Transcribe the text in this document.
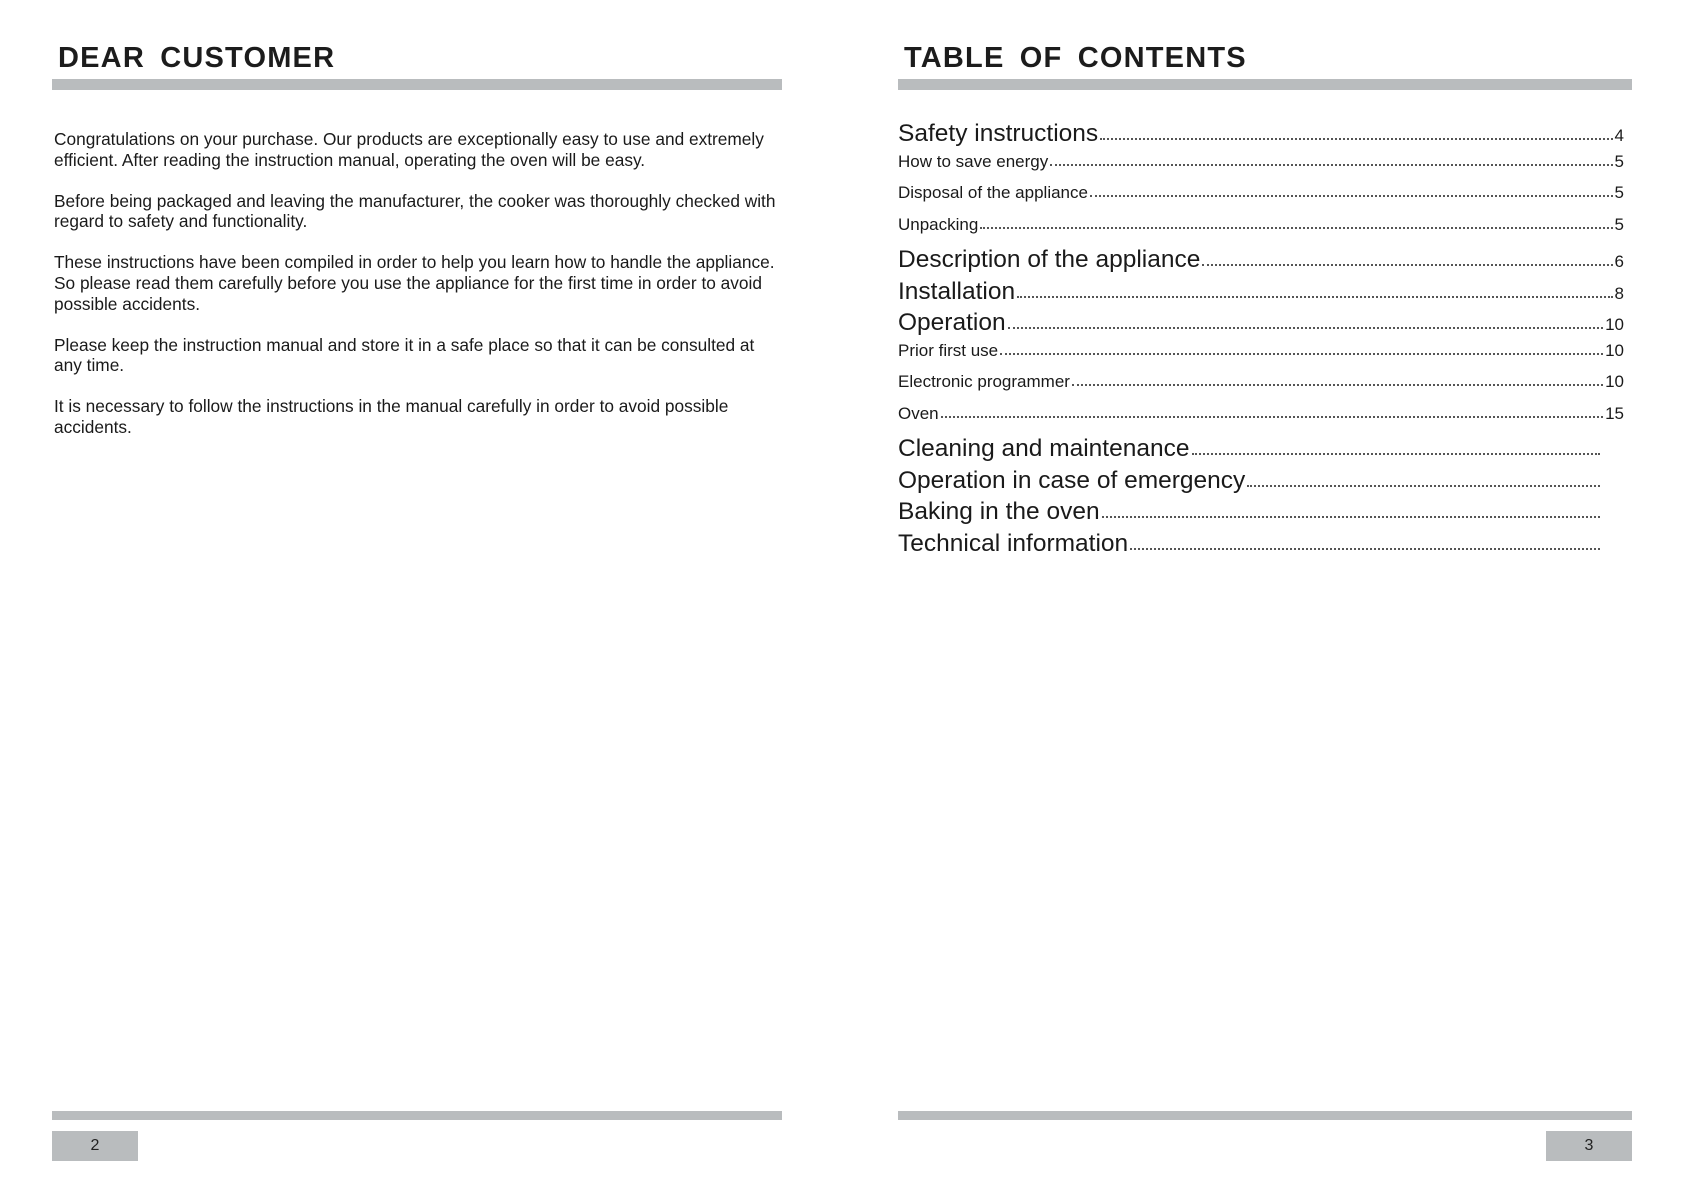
DEAR CUSTOMER

Congratulations on your purchase. Our products are exceptionally easy to use and extremely efficient. After reading the instruction manual, operating the oven will be easy.

Before being packaged and leaving the manufacturer, the cooker was thoroughly checked with regard to safety and functionality.

These instructions have been compiled in order to help you learn how to handle the appliance. So please read them carefully before you use the appliance for the first time in order to avoid possible accidents.

Please keep the instruction manual and store it in a safe place so that it can be consulted at any time.

It is necessary to follow the instructions in the manual carefully in order to avoid possible accidents.

2
TABLE OF CONTENTS
Safety instructions	4
How to save energy	5
Disposal of the appliance	5
Unpacking	5
Description of the appliance	6
Installation	8
Operation	10
Prior first use	10
Electronic programmer	10
Oven	15
Cleaning and maintenance
Operation in case of emergency
Baking in the oven
Technical information
3
